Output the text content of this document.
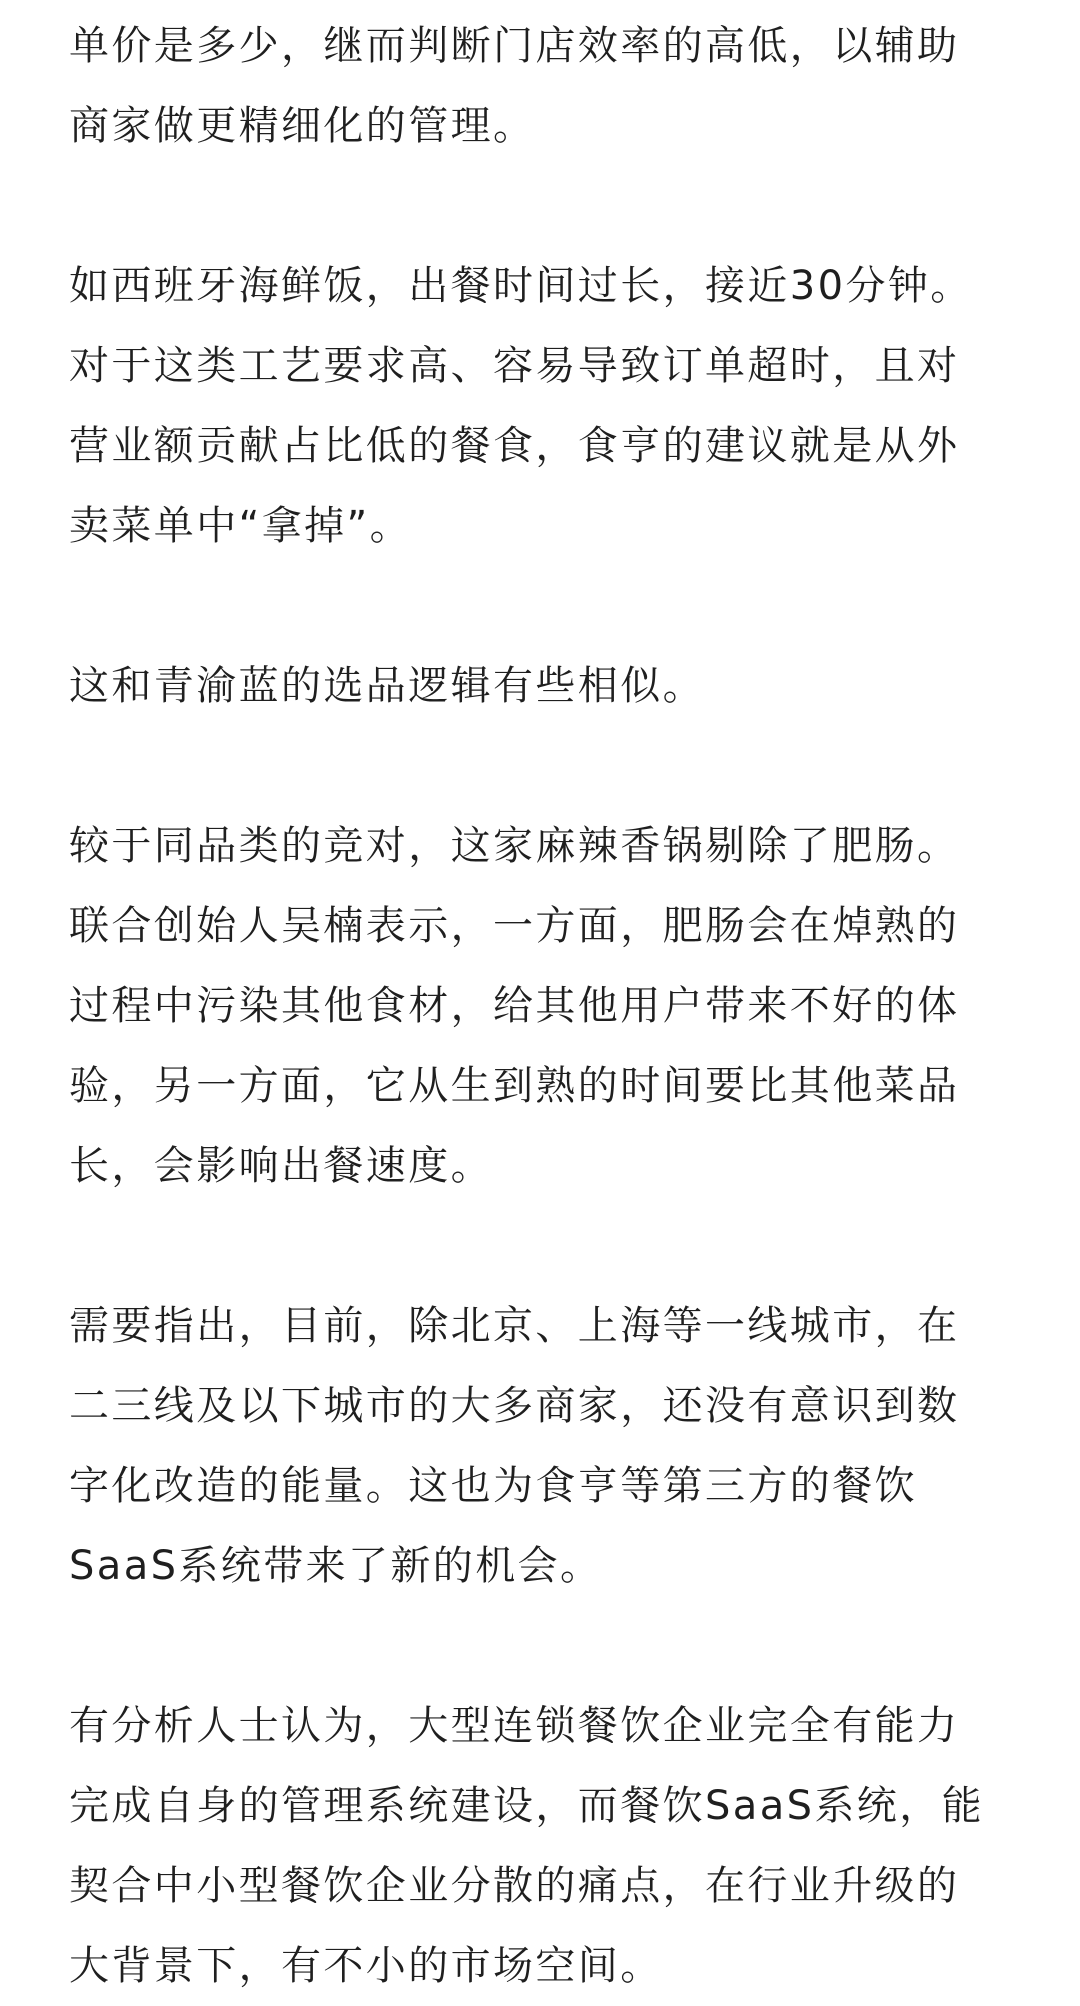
单价是多少，继而判断门店效率的高低，以辅助
商家做更精细化的管理。

如西班牙海鲜饭，出餐时间过长，接近30分钟。
对于这类工艺要求高、容易导致订单超时，且对
营业额贡献占比低的餐食，食亨的建议就是从外
卖菜单中“拿掉”。

这和青渝蓝的选品逻辑有些相似。

较于同品类的竞对，这家麻辣香锅剔除了肥肠。
联合创始人吴楠表示，一方面，肥肠会在焯熟的
过程中污染其他食材，给其他用户带来不好的体
验，另一方面，它从生到熟的时间要比其他菜品
长，会影响出餐速度。

需要指出，目前，除北京、上海等一线城市，在
二三线及以下城市的大多商家，还没有意识到数
字化改造的能量。这也为食亨等第三方的餐饮
SaaS系统带来了新的机会。

有分析人士认为，大型连锁餐饮企业完全有能力
完成自身的管理系统建设，而餐饮SaaS系统，能
契合中小型餐饮企业分散的痛点，在行业升级的
大背景下，有不小的市场空间。
